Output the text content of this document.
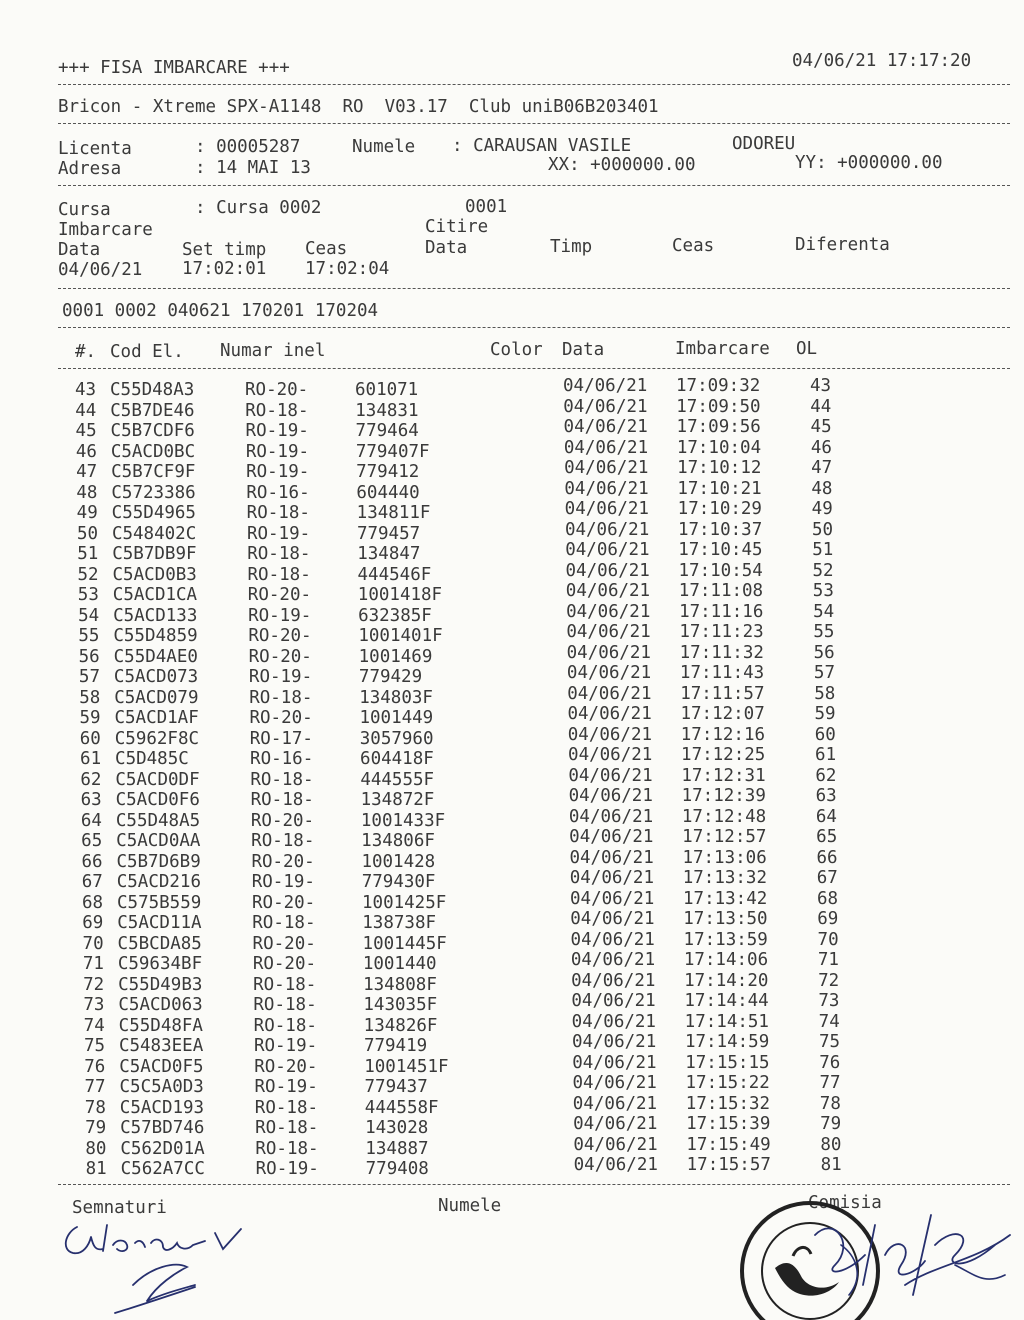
+++ FISA IMBARCARE +++	04/06/21 17:17:20
Bricon - Xtreme SPX-A1148  RO  V03.17  Club uniB06B203401
Licenta	: 00005287	Numele : CARAUSAN VASILE	ODOREU
Adresa	: 14 MAI 13	XX: +000000.00	YY: +000000.00
Cursa	: Cursa 0002	0001
Imbarcare	Citire
Data	Set timp Ceas	Data	Timp	Ceas	Diferenta
04/06/21 17:02:01 17:02:04
0001 0002 040621 170201 170204
#. Cod El. Numar inel	Color Data	Imbarcare OL
43 C55D48A3	RO-20-	601071	04/06/21 17:09:32	43
44 C5B7DE46	RO-18-	134831	04/06/21 17:09:50	44
45 C5B7CDF6	RO-19-	779464	04/06/21 17:09:56	45
46 C5ACD0BC	RO-19-	779407F	04/06/21 17:10:04	46
47 C5B7CF9F	RO-19-	779412	04/06/21 17:10:12	47
48 C5723386	RO-16-	604440	04/06/21 17:10:21	48
49 C55D4965	RO-18-	134811F	04/06/21 17:10:29	49
50 C548402C	RO-19-	779457	04/06/21 17:10:37	50
51 C5B7DB9F	RO-18-	134847	04/06/21 17:10:45	51
52 C5ACD0B3	RO-18-	444546F	04/06/21 17:10:54	52
53 C5ACD1CA	RO-20-	1001418F	04/06/21 17:11:08	53
54 C5ACD133	RO-19-	632385F	04/06/21 17:11:16	54
55 C55D4859	RO-20-	1001401F	04/06/21 17:11:23	55
56 C55D4AE0	RO-20-	1001469	04/06/21 17:11:32	56
57 C5ACD073	RO-19-	779429	04/06/21 17:11:43	57
58 C5ACD079	RO-18-	134803F	04/06/21 17:11:57	58
59 C5ACD1AF	RO-20-	1001449	04/06/21 17:12:07	59
60 C5962F8C	RO-17-	3057960	04/06/21 17:12:16	60
61 C5D485C	RO-16-	604418F	04/06/21 17:12:25	61
62 C5ACD0DF	RO-18-	444555F	04/06/21 17:12:31	62
63 C5ACD0F6	RO-18-	134872F	04/06/21 17:12:39	63
64 C55D48A5	RO-20-	1001433F	04/06/21 17:12:48	64
65 C5ACD0AA	RO-18-	134806F	04/06/21 17:12:57	65
66 C5B7D6B9	RO-20-	1001428	04/06/21 17:13:06	66
67 C5ACD216	RO-19-	779430F	04/06/21 17:13:32	67
68 C575B559	RO-20-	1001425F	04/06/21 17:13:42	68
69 C5ACD11A	RO-18-	138738F	04/06/21 17:13:50	69
70 C5BCDA85	RO-20-	1001445F	04/06/21 17:13:59	70
71 C59634BF	RO-20-	1001440	04/06/21 17:14:06	71
72 C55D49B3	RO-18-	134808F	04/06/21 17:14:20	72
73 C5ACD063	RO-18-	143035F	04/06/21 17:14:44	73
74 C55D48FA	RO-18-	134826F	04/06/21 17:14:51	74
75 C5483EEA	RO-19-	779419	04/06/21 17:14:59	75
76 C5ACD0F5	RO-20-	1001451F	04/06/21 17:15:15	76
77 C5C5A0D3	RO-19-	779437	04/06/21 17:15:22	77
78 C5ACD193	RO-18-	444558F	04/06/21 17:15:32	78
79 C57BD746	RO-18-	143028	04/06/21 17:15:39	79
80 C562D01A	RO-18-	134887	04/06/21 17:15:49	80
81 C562A7CC	RO-19-	779408	04/06/21 17:15:57	81
Semnaturi	Numele	Comisia
